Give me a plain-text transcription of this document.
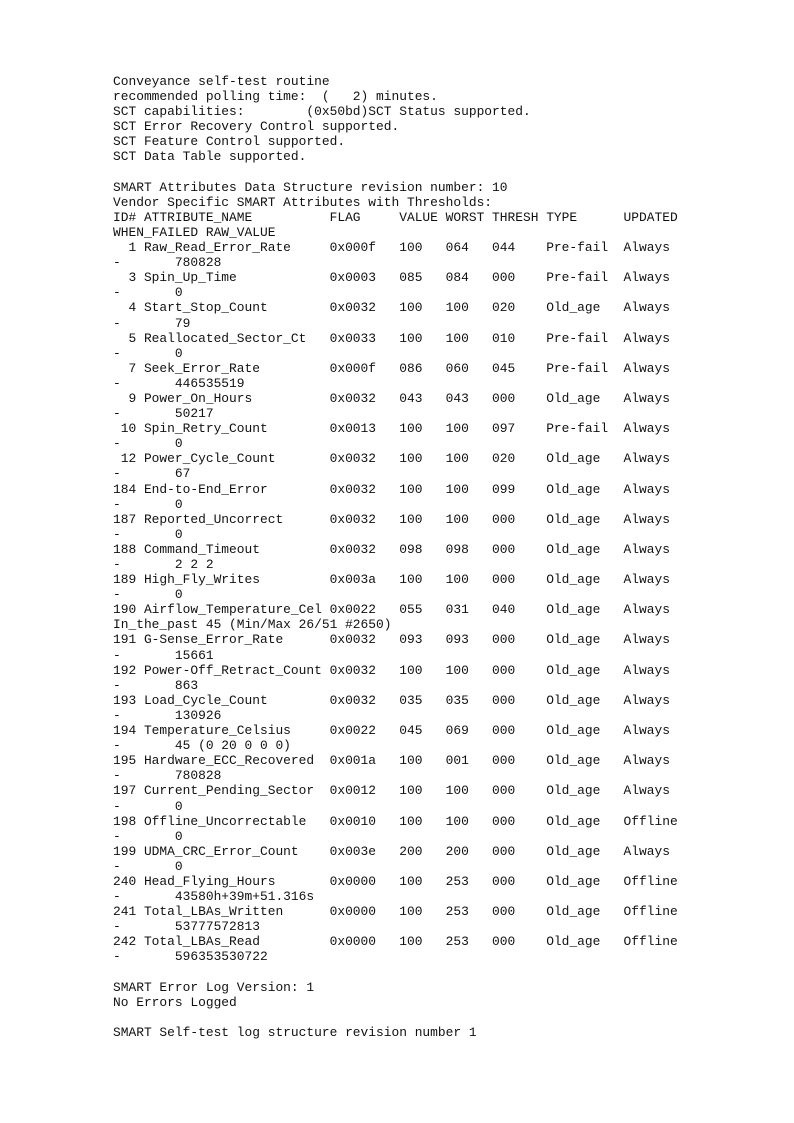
Conveyance self-test routine
recommended polling time:  (   2) minutes.
SCT capabilities:        (0x50bd)SCT Status supported.
SCT Error Recovery Control supported.
SCT Feature Control supported.
SCT Data Table supported.
SMART Attributes Data Structure revision number: 10
Vendor Specific SMART Attributes with Thresholds:
ID# ATTRIBUTE_NAME          FLAG     VALUE WORST THRESH TYPE      UPDATED
WHEN_FAILED RAW_VALUE
1 Raw_Read_Error_Rate     0x000f   100   064   044    Pre-fail  Always
-       780828
3 Spin_Up_Time            0x0003   085   084   000    Pre-fail  Always
-       0
4 Start_Stop_Count        0x0032   100   100   020    Old_age   Always
-       79
5 Reallocated_Sector_Ct   0x0033   100   100   010    Pre-fail  Always
-       0
7 Seek_Error_Rate         0x000f   086   060   045    Pre-fail  Always
-       446535519
9 Power_On_Hours          0x0032   043   043   000    Old_age   Always
-       50217
10 Spin_Retry_Count        0x0013   100   100   097    Pre-fail  Always
-       0
12 Power_Cycle_Count       0x0032   100   100   020    Old_age   Always
-       67
184 End-to-End_Error        0x0032   100   100   099    Old_age   Always
-       0
187 Reported_Uncorrect      0x0032   100   100   000    Old_age   Always
-       0
188 Command_Timeout         0x0032   098   098   000    Old_age   Always
-       2 2 2
189 High_Fly_Writes         0x003a   100   100   000    Old_age   Always
-       0
190 Airflow_Temperature_Cel 0x0022   055   031   040    Old_age   Always
In_the_past 45 (Min/Max 26/51 #2650)
191 G-Sense_Error_Rate      0x0032   093   093   000    Old_age   Always
-       15661
192 Power-Off_Retract_Count 0x0032   100   100   000    Old_age   Always
-       863
193 Load_Cycle_Count        0x0032   035   035   000    Old_age   Always
-       130926
194 Temperature_Celsius     0x0022   045   069   000    Old_age   Always
-       45 (0 20 0 0 0)
195 Hardware_ECC_Recovered  0x001a   100   001   000    Old_age   Always
-       780828
197 Current_Pending_Sector  0x0012   100   100   000    Old_age   Always
-       0
198 Offline_Uncorrectable   0x0010   100   100   000    Old_age   Offline
-       0
199 UDMA_CRC_Error_Count    0x003e   200   200   000    Old_age   Always
-       0
240 Head_Flying_Hours       0x0000   100   253   000    Old_age   Offline
-       43580h+39m+51.316s
241 Total_LBAs_Written      0x0000   100   253   000    Old_age   Offline
-       53777572813
242 Total_LBAs_Read         0x0000   100   253   000    Old_age   Offline
-       596353530722
SMART Error Log Version: 1
No Errors Logged
SMART Self-test log structure revision number 1
